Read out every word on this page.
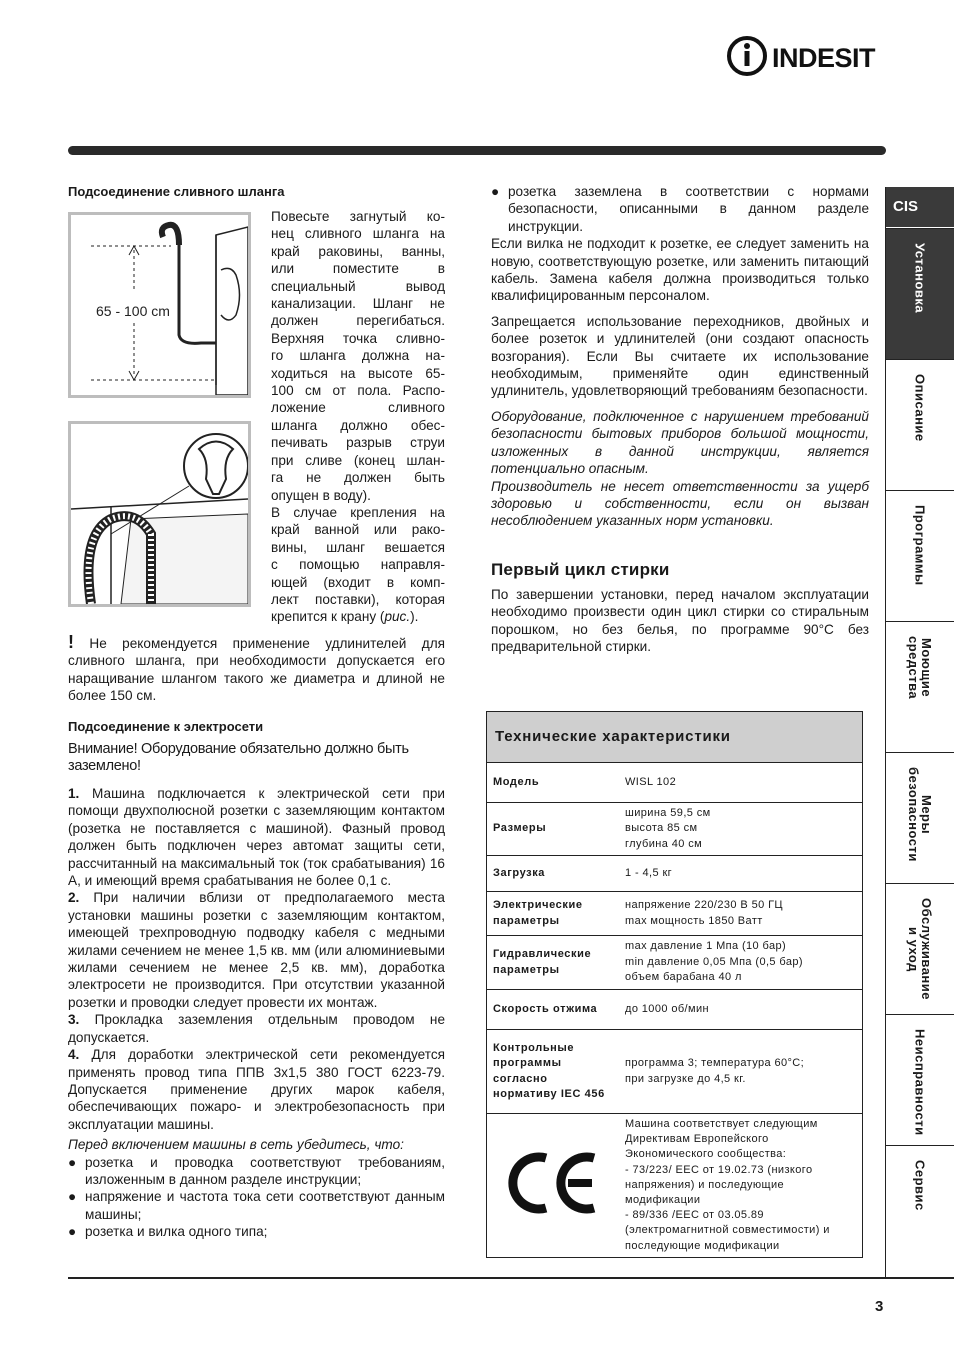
INDESIT
CIS
Установка
Описание
Программы
Моющие
средства
Меры
безопасности
Обслуживание
и уход
Неисправности
Сервис
Подсоединение сливного шланга
65 - 100 cm
Повесьте загнутый ко-
нец сливного шланга на
край раковины, ванны,
или поместите в
специальный вывод
канализации. Шланг не
должен перегибаться.
Верхняя точка сливно-
го шланга должна на-
ходиться на высоте 65-
100 см от пола. Распо-
ложение сливного
шланга должно обес-
печивать разрыв струи
при сливе (конец шлан-
га не должен быть
опущен в воду).
В случае крепления на
край ванной или рако-
вины, шланг вешается
с помощью направля-
ющей (входит в комп-
лект поставки), которая
крепится к крану (рис.).
! Не рекомендуется применение удлинителей для сливного шланга, при необходимости допускается его наращивание шлангом такого же диаметра и длиной не более 150 см.
Подсоединение к электросети
Внимание! Оборудование обязательно должно быть заземлено!
1. Машина подключается к электрической сети при помощи двухполюсной розетки с заземляющим контактом (розетка не поставляется с машиной). Фазный провод должен быть подключен через автомат защиты сети, рассчитанный на максимальный ток (ток срабатывания) 16 А, и имеющий время срабатывания не более 0,1 с.
2. При наличии вблизи от предполагаемого места установки машины розетки с заземляющим контактом, имеющей трехпроводную подводку кабеля с медными жилами сечением не менее 1,5 кв. мм (или алюминиевыми жилами сечением не менее 2,5 кв. мм), доработка электросети не производится. При отсутствии указанной розетки и проводки следует провести их монтаж.
3. Прокладка заземления отдельным проводом не допускается.
4. Для доработки электрической сети рекомендуется применять провод типа ППВ 3х1,5 380 ГОСТ 6223-79. Допускается применение других марок кабеля, обеспечивающих пожаро- и электробезопасность при эксплуатации машины.
Перед включением машины в сеть убедитесь, что:
● розетка и проводка соответствуют требованиям, изложенным в данном разделе инструкции;
● напряжение и частота тока сети соответствуют данным машины;
● розетка и вилка одного типа;
● розетка заземлена в соответствии с нормами безопасности, описанными в данном разделе инструкции.
Если вилка не подходит к розетке, ее следует заменить на новую, соответствующую розетке, или заменить питающий кабель. Замена кабеля должна производиться только квалифицированным персоналом.
Запрещается использование переходников, двойных и более розеток и удлинителей (они создают опасность возгорания). Если Вы считаете их использование необходимым, применяйте один единственный удлинитель, удовлетворяющий требованиям безопасности.
Оборудование, подключенное с нарушением требований безопасности бытовых приборов большой мощности, изложенных в данной инструкции, является потенциально опасным.
Производитель не несет ответственности за ущерб здоровью и собственности, если он вызван несоблюдением указанных норм установки.
Первый цикл стирки
По завершении установки, перед началом эксплуатации необходимо произвести один цикл стирки со стиральным порошком, но без белья, по программе 90°С без предварительной стирки.
Технические характеристики
Модель	WISL 102
Размеры	ширина 59,5 см
высота 85 см
глубина 40 см
Загрузка	1 - 4,5 кг
Электрические параметры	напряжение 220/230 В 50 ГЦ
max мощность 1850 Ватт
Гидравлические параметры	max давление 1 Мпа (10 бар)
min давление 0,05 Мпа (0,5 бар)
объем барабана 40 л
Скорость отжима	до 1000 об/мин
Контрольные программы согласно нормативу IEC 456	программа 3; температура 60°С;
при загрузке до 4,5 кг.
	Машина соответствует следующим Директивам Европейского Экономического сообщества:
- 73/223/ EEC от 19.02.73 (низкого напряжения) и последующие модификации
- 89/336 /EEC от 03.05.89 (электромагнитной совместимости) и последующие модификации
3
